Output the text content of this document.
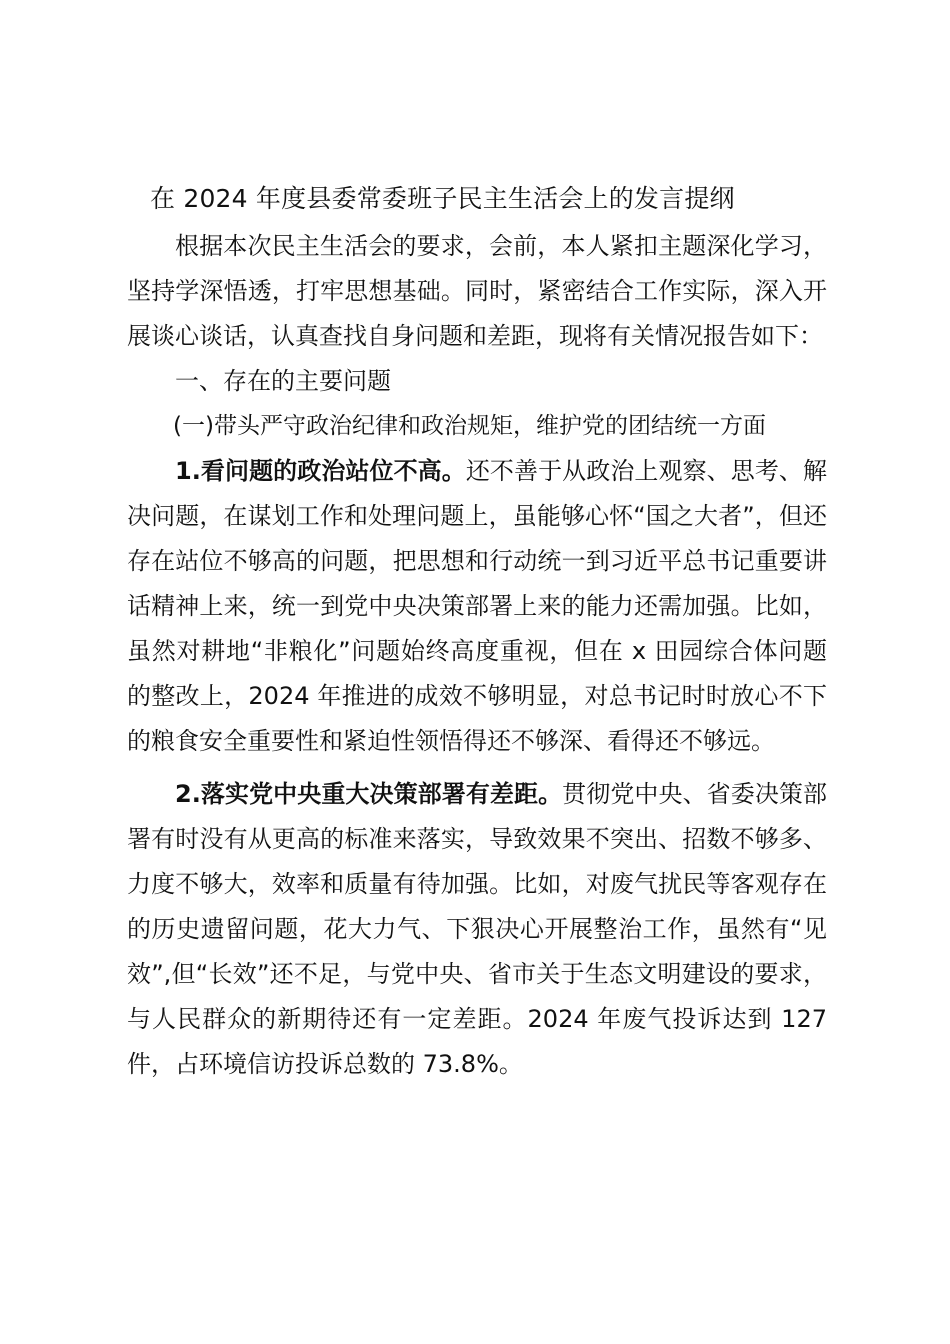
在 2024 年度县委常委班子民主生活会上的发言提纲

根据本次民主生活会的要求，会前，本人紧扣主题深化学习，坚持学深悟透，打牢思想基础。同时，紧密结合工作实际，深入开展谈心谈话，认真查找自身问题和差距，现将有关情况报告如下：

一、存在的主要问题

(一)带头严守政治纪律和政治规矩，维护党的团结统一方面

1.看问题的政治站位不高。还不善于从政治上观察、思考、解决问题，在谋划工作和处理问题上，虽能够心怀“国之大者”，但还存在站位不够高的问题，把思想和行动统一到习近平总书记重要讲话精神上来，统一到党中央决策部署上来的能力还需加强。比如，虽然对耕地“非粮化”问题始终高度重视，但在 x 田园综合体问题的整改上，2024 年推进的成效不够明显，对总书记时时放心不下的粮食安全重要性和紧迫性领悟得还不够深、看得还不够远。

2.落实党中央重大决策部署有差距。贯彻党中央、省委决策部署有时没有从更高的标准来落实，导致效果不突出、招数不够多、力度不够大，效率和质量有待加强。比如，对废气扰民等客观存在的历史遗留问题，花大力气、下狠决心开展整治工作，虽然有“见效”,但“长效”还不足，与党中央、省市关于生态文明建设的要求，与人民群众的新期待还有一定差距。2024 年废气投诉达到 127 件，占环境信访投诉总数的 73.8%。
